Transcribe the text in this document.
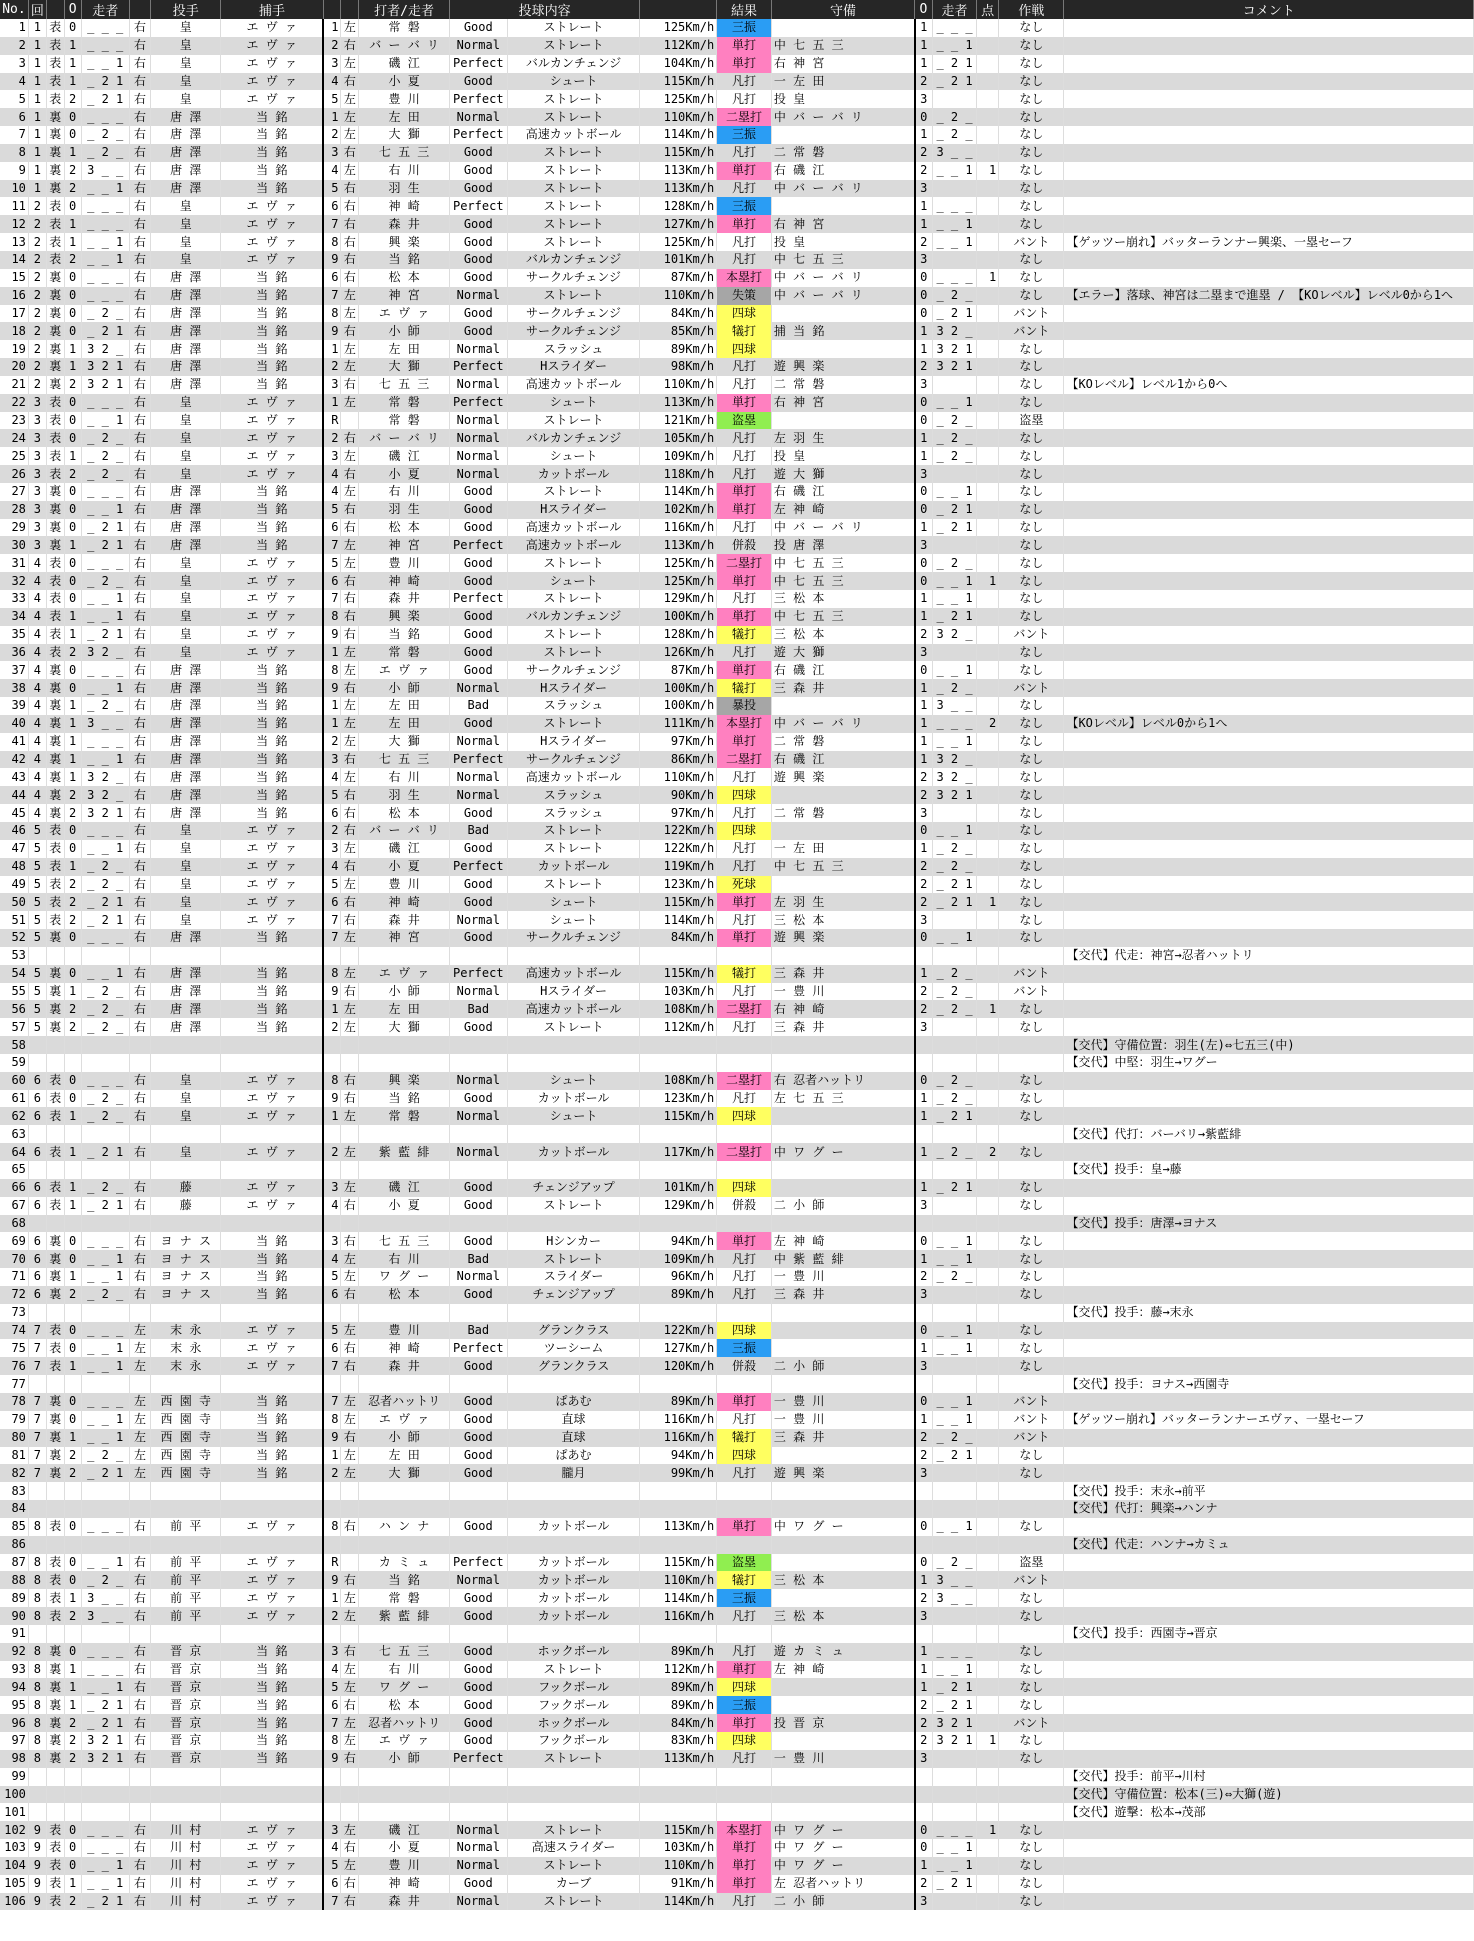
No.	回		O	走者		投手	捕手			打者/走者	投球内容			結果	守備	O	走者	点	作戦	コメント
1	1	表	0	_ _ _	右	皇	エ ヴ ァ	1	左	常 磐	Good	ストレート	125Km/h	三振		1	_ _ _		なし	
2	1	表	1	_ _ _	右	皇	エ ヴ ァ	2	右	バ ー バ リ	Normal	ストレート	112Km/h	単打	中 七 五 三	1	_ _ 1		なし	
3	1	表	1	_ _ 1	右	皇	エ ヴ ァ	3	左	磯 江	Perfect	バルカンチェンジ	104Km/h	単打	右 神 宮	1	_ 2 1		なし	
4	1	表	1	_ 2 1	右	皇	エ ヴ ァ	4	右	小 夏	Good	シュート	115Km/h	凡打	一 左 田	2	_ 2 1		なし	
5	1	表	2	_ 2 1	右	皇	エ ヴ ァ	5	左	豊 川	Perfect	ストレート	125Km/h	凡打	投 皇	3			なし	
6	1	裏	0	_ _ _	右	唐 澤	当 銘	1	左	左 田	Normal	ストレート	110Km/h	二塁打	中 バ ー バ リ	0	_ 2 _		なし	
7	1	裏	0	_ 2 _	右	唐 澤	当 銘	2	左	大 獅	Perfect	高速カットボール	114Km/h	三振		1	_ 2 _		なし	
8	1	裏	1	_ 2 _	右	唐 澤	当 銘	3	右	七 五 三	Good	ストレート	115Km/h	凡打	二 常 磐	2	3 _ _		なし	
9	1	裏	2	3 _ _	右	唐 澤	当 銘	4	左	右 川	Good	ストレート	113Km/h	単打	右 磯 江	2	_ _ 1	1	なし	
10	1	裏	2	_ _ 1	右	唐 澤	当 銘	5	右	羽 生	Good	ストレート	113Km/h	凡打	中 バ ー バ リ	3			なし	
11	2	表	0	_ _ _	右	皇	エ ヴ ァ	6	右	神 崎	Perfect	ストレート	128Km/h	三振		1	_ _ _		なし	
12	2	表	1	_ _ _	右	皇	エ ヴ ァ	7	右	森 井	Good	ストレート	127Km/h	単打	右 神 宮	1	_ _ 1		なし	
13	2	表	1	_ _ 1	右	皇	エ ヴ ァ	8	右	興 楽	Good	ストレート	125Km/h	凡打	投 皇	2	_ _ 1		バント	【ゲッツー崩れ】バッターランナー興楽、一塁セーフ
14	2	表	2	_ _ 1	右	皇	エ ヴ ァ	9	右	当 銘	Good	バルカンチェンジ	101Km/h	凡打	中 七 五 三	3			なし	
15	2	裏	0	_ _ _	右	唐 澤	当 銘	6	右	松 本	Good	サークルチェンジ	87Km/h	本塁打	中 バ ー バ リ	0	_ _ _	1	なし	
16	2	裏	0	_ _ _	右	唐 澤	当 銘	7	左	神 宮	Normal	ストレート	110Km/h	失策	中 バ ー バ リ	0	_ 2 _		なし	【エラー】落球、神宮は二塁まで進塁 / 【KOレベル】レベル0から1へ
17	2	裏	0	_ 2 _	右	唐 澤	当 銘	8	左	エ ヴ ァ	Good	サークルチェンジ	84Km/h	四球		0	_ 2 1		バント	
18	2	裏	0	_ 2 1	右	唐 澤	当 銘	9	右	小 師	Good	サークルチェンジ	85Km/h	犠打	捕 当 銘	1	3 2 _		バント	
19	2	裏	1	3 2 _	右	唐 澤	当 銘	1	左	左 田	Normal	スラッシュ	89Km/h	四球		1	3 2 1		なし	
20	2	裏	1	3 2 1	右	唐 澤	当 銘	2	左	大 獅	Perfect	Hスライダー	98Km/h	凡打	遊 興 楽	2	3 2 1		なし	
21	2	裏	2	3 2 1	右	唐 澤	当 銘	3	右	七 五 三	Normal	高速カットボール	110Km/h	凡打	二 常 磐	3			なし	【KOレベル】レベル1から0へ
22	3	表	0	_ _ _	右	皇	エ ヴ ァ	1	左	常 磐	Perfect	シュート	113Km/h	単打	右 神 宮	0	_ _ 1		なし	
23	3	表	0	_ _ 1	右	皇	エ ヴ ァ	R		常 磐	Normal	ストレート	121Km/h	盗塁		0	_ 2 _		盗塁	
24	3	表	0	_ 2 _	右	皇	エ ヴ ァ	2	右	バ ー バ リ	Normal	バルカンチェンジ	105Km/h	凡打	左 羽 生	1	_ 2 _		なし	
25	3	表	1	_ 2 _	右	皇	エ ヴ ァ	3	左	磯 江	Normal	シュート	109Km/h	凡打	投 皇	1	_ 2 _		なし	
26	3	表	2	_ 2 _	右	皇	エ ヴ ァ	4	右	小 夏	Normal	カットボール	118Km/h	凡打	遊 大 獅	3			なし	
27	3	裏	0	_ _ _	右	唐 澤	当 銘	4	左	右 川	Good	ストレート	114Km/h	単打	右 磯 江	0	_ _ 1		なし	
28	3	裏	0	_ _ 1	右	唐 澤	当 銘	5	右	羽 生	Good	Hスライダー	102Km/h	単打	左 神 崎	0	_ 2 1		なし	
29	3	裏	0	_ 2 1	右	唐 澤	当 銘	6	右	松 本	Good	高速カットボール	116Km/h	凡打	中 バ ー バ リ	1	_ 2 1		なし	
30	3	裏	1	_ 2 1	右	唐 澤	当 銘	7	左	神 宮	Perfect	高速カットボール	113Km/h	併殺	投 唐 澤	3			なし	
31	4	表	0	_ _ _	右	皇	エ ヴ ァ	5	左	豊 川	Good	ストレート	125Km/h	二塁打	中 七 五 三	0	_ 2 _		なし	
32	4	表	0	_ 2 _	右	皇	エ ヴ ァ	6	右	神 崎	Good	シュート	125Km/h	単打	中 七 五 三	0	_ _ 1	1	なし	
33	4	表	0	_ _ 1	右	皇	エ ヴ ァ	7	右	森 井	Perfect	ストレート	129Km/h	凡打	三 松 本	1	_ _ 1		なし	
34	4	表	1	_ _ 1	右	皇	エ ヴ ァ	8	右	興 楽	Good	バルカンチェンジ	100Km/h	単打	中 七 五 三	1	_ 2 1		なし	
35	4	表	1	_ 2 1	右	皇	エ ヴ ァ	9	右	当 銘	Good	ストレート	128Km/h	犠打	三 松 本	2	3 2 _		バント	
36	4	表	2	3 2 _	右	皇	エ ヴ ァ	1	左	常 磐	Good	ストレート	126Km/h	凡打	遊 大 獅	3			なし	
37	4	裏	0	_ _ _	右	唐 澤	当 銘	8	左	エ ヴ ァ	Good	サークルチェンジ	87Km/h	単打	右 磯 江	0	_ _ 1		なし	
38	4	裏	0	_ _ 1	右	唐 澤	当 銘	9	右	小 師	Normal	Hスライダー	100Km/h	犠打	三 森 井	1	_ 2 _		バント	
39	4	裏	1	_ 2 _	右	唐 澤	当 銘	1	左	左 田	Bad	スラッシュ	100Km/h	暴投		1	3 _ _		なし	
40	4	裏	1	3 _ _	右	唐 澤	当 銘	1	左	左 田	Good	ストレート	111Km/h	本塁打	中 バ ー バ リ	1	_ _ _	2	なし	【KOレベル】レベル0から1へ
41	4	裏	1	_ _ _	右	唐 澤	当 銘	2	左	大 獅	Normal	Hスライダー	97Km/h	単打	二 常 磐	1	_ _ 1		なし	
42	4	裏	1	_ _ 1	右	唐 澤	当 銘	3	右	七 五 三	Perfect	サークルチェンジ	86Km/h	二塁打	右 磯 江	1	3 2 _		なし	
43	4	裏	1	3 2 _	右	唐 澤	当 銘	4	左	右 川	Normal	高速カットボール	110Km/h	凡打	遊 興 楽	2	3 2 _		なし	
44	4	裏	2	3 2 _	右	唐 澤	当 銘	5	右	羽 生	Normal	スラッシュ	90Km/h	四球		2	3 2 1		なし	
45	4	裏	2	3 2 1	右	唐 澤	当 銘	6	右	松 本	Good	スラッシュ	97Km/h	凡打	二 常 磐	3			なし	
46	5	表	0	_ _ _	右	皇	エ ヴ ァ	2	右	バ ー バ リ	Bad	ストレート	122Km/h	四球		0	_ _ 1		なし	
47	5	表	0	_ _ 1	右	皇	エ ヴ ァ	3	左	磯 江	Good	ストレート	122Km/h	凡打	一 左 田	1	_ 2 _		なし	
48	5	表	1	_ 2 _	右	皇	エ ヴ ァ	4	右	小 夏	Perfect	カットボール	119Km/h	凡打	中 七 五 三	2	_ 2 _		なし	
49	5	表	2	_ 2 _	右	皇	エ ヴ ァ	5	左	豊 川	Good	ストレート	123Km/h	死球		2	_ 2 1		なし	
50	5	表	2	_ 2 1	右	皇	エ ヴ ァ	6	右	神 崎	Good	シュート	115Km/h	単打	左 羽 生	2	_ 2 1	1	なし	
51	5	表	2	_ 2 1	右	皇	エ ヴ ァ	7	右	森 井	Normal	シュート	114Km/h	凡打	三 松 本	3			なし	
52	5	裏	0	_ _ _	右	唐 澤	当 銘	7	左	神 宮	Good	サークルチェンジ	84Km/h	単打	遊 興 楽	0	_ _ 1		なし	
53																				【交代】代走：神宮→忍者ハットリ
54	5	裏	0	_ _ 1	右	唐 澤	当 銘	8	左	エ ヴ ァ	Perfect	高速カットボール	115Km/h	犠打	三 森 井	1	_ 2 _		バント	
55	5	裏	1	_ 2 _	右	唐 澤	当 銘	9	右	小 師	Normal	Hスライダー	103Km/h	凡打	一 豊 川	2	_ 2 _		バント	
56	5	裏	2	_ 2 _	右	唐 澤	当 銘	1	左	左 田	Bad	高速カットボール	108Km/h	二塁打	右 神 崎	2	_ 2 _	1	なし	
57	5	裏	2	_ 2 _	右	唐 澤	当 銘	2	左	大 獅	Good	ストレート	112Km/h	凡打	三 森 井	3			なし	
58																				【交代】守備位置：羽生(左)⇔七五三(中)
59																				【交代】中堅：羽生→ワグー
60	6	表	0	_ _ _	右	皇	エ ヴ ァ	8	右	興 楽	Normal	シュート	108Km/h	二塁打	右 忍者ハットリ	0	_ 2 _		なし	
61	6	表	0	_ 2 _	右	皇	エ ヴ ァ	9	右	当 銘	Good	カットボール	123Km/h	凡打	左 七 五 三	1	_ 2 _		なし	
62	6	表	1	_ 2 _	右	皇	エ ヴ ァ	1	左	常 磐	Normal	シュート	115Km/h	四球		1	_ 2 1		なし	
63																				【交代】代打：バーバリ→紫藍緋
64	6	表	1	_ 2 1	右	皇	エ ヴ ァ	2	左	紫 藍 緋	Normal	カットボール	117Km/h	二塁打	中 ワ グ ー	1	_ 2 _	2	なし	
65																				【交代】投手：皇→藤
66	6	表	1	_ 2 _	右	藤	エ ヴ ァ	3	左	磯 江	Good	チェンジアップ	101Km/h	四球		1	_ 2 1		なし	
67	6	表	1	_ 2 1	右	藤	エ ヴ ァ	4	右	小 夏	Good	ストレート	129Km/h	併殺	二 小 師	3			なし	
68																				【交代】投手：唐澤→ヨナス
69	6	裏	0	_ _ _	右	ヨ ナ ス	当 銘	3	右	七 五 三	Good	Hシンカー	94Km/h	単打	左 神 崎	0	_ _ 1		なし	
70	6	裏	0	_ _ 1	右	ヨ ナ ス	当 銘	4	左	右 川	Bad	ストレート	109Km/h	凡打	中 紫 藍 緋	1	_ _ 1		なし	
71	6	裏	1	_ _ 1	右	ヨ ナ ス	当 銘	5	左	ワ グ ー	Normal	スライダー	96Km/h	凡打	一 豊 川	2	_ 2 _		なし	
72	6	裏	2	_ 2 _	右	ヨ ナ ス	当 銘	6	右	松 本	Good	チェンジアップ	89Km/h	凡打	三 森 井	3			なし	
73																				【交代】投手：藤→末永
74	7	表	0	_ _ _	左	末 永	エ ヴ ァ	5	左	豊 川	Bad	グランクラス	122Km/h	四球		0	_ _ 1		なし	
75	7	表	0	_ _ 1	左	末 永	エ ヴ ァ	6	右	神 崎	Perfect	ツーシーム	127Km/h	三振		1	_ _ 1		なし	
76	7	表	1	_ _ 1	左	末 永	エ ヴ ァ	7	右	森 井	Good	グランクラス	120Km/h	併殺	二 小 師	3			なし	
77																				【交代】投手：ヨナス→西園寺
78	7	裏	0	_ _ _	左	西 園 寺	当 銘	7	左	忍者ハットリ	Good	ぱあむ	89Km/h	単打	一 豊 川	0	_ _ 1		バント	
79	7	裏	0	_ _ 1	左	西 園 寺	当 銘	8	左	エ ヴ ァ	Good	直球	116Km/h	凡打	一 豊 川	1	_ _ 1		バント	【ゲッツー崩れ】バッターランナーエヴァ、一塁セーフ
80	7	裏	1	_ _ 1	左	西 園 寺	当 銘	9	右	小 師	Good	直球	116Km/h	犠打	三 森 井	2	_ 2 _		バント	
81	7	裏	2	_ 2 _	左	西 園 寺	当 銘	1	左	左 田	Good	ぱあむ	94Km/h	四球		2	_ 2 1		なし	
82	7	裏	2	_ 2 1	左	西 園 寺	当 銘	2	左	大 獅	Good	朧月	99Km/h	凡打	遊 興 楽	3			なし	
83																				【交代】投手：末永→前平
84																				【交代】代打：興楽→ハンナ
85	8	表	0	_ _ _	右	前 平	エ ヴ ァ	8	右	ハ ン ナ	Good	カットボール	113Km/h	単打	中 ワ グ ー	0	_ _ 1		なし	
86																				【交代】代走：ハンナ→カミュ
87	8	表	0	_ _ 1	右	前 平	エ ヴ ァ	R		カ ミ ュ	Perfect	カットボール	115Km/h	盗塁		0	_ 2 _		盗塁	
88	8	表	0	_ 2 _	右	前 平	エ ヴ ァ	9	右	当 銘	Normal	カットボール	110Km/h	犠打	三 松 本	1	3 _ _		バント	
89	8	表	1	3 _ _	右	前 平	エ ヴ ァ	1	左	常 磐	Good	カットボール	114Km/h	三振		2	3 _ _		なし	
90	8	表	2	3 _ _	右	前 平	エ ヴ ァ	2	左	紫 藍 緋	Good	カットボール	116Km/h	凡打	三 松 本	3			なし	
91																				【交代】投手：西園寺→晋京
92	8	裏	0	_ _ _	右	晋 京	当 銘	3	右	七 五 三	Good	ホックボール	89Km/h	凡打	遊 カ ミ ュ	1	_ _ _		なし	
93	8	裏	1	_ _ _	右	晋 京	当 銘	4	左	右 川	Good	ストレート	112Km/h	単打	左 神 崎	1	_ _ 1		なし	
94	8	裏	1	_ _ 1	右	晋 京	当 銘	5	左	ワ グ ー	Good	フックボール	89Km/h	四球		1	_ 2 1		なし	
95	8	裏	1	_ 2 1	右	晋 京	当 銘	6	右	松 本	Good	フックボール	89Km/h	三振		2	_ 2 1		なし	
96	8	裏	2	_ 2 1	右	晋 京	当 銘	7	左	忍者ハットリ	Good	ホックボール	84Km/h	単打	投 晋 京	2	3 2 1		バント	
97	8	裏	2	3 2 1	右	晋 京	当 銘	8	左	エ ヴ ァ	Good	フックボール	83Km/h	四球		2	3 2 1	1	なし	
98	8	裏	2	3 2 1	右	晋 京	当 銘	9	右	小 師	Perfect	ストレート	113Km/h	凡打	一 豊 川	3			なし	
99																				【交代】投手：前平→川村
100																				【交代】守備位置：松本(三)⇔大獅(遊)
101																				【交代】遊撃：松本→茂部
102	9	表	0	_ _ _	右	川 村	エ ヴ ァ	3	左	磯 江	Normal	ストレート	115Km/h	本塁打	中 ワ グ ー	0	_ _ _	1	なし	
103	9	表	0	_ _ _	右	川 村	エ ヴ ァ	4	右	小 夏	Normal	高速スライダー	103Km/h	単打	中 ワ グ ー	0	_ _ 1		なし	
104	9	表	0	_ _ 1	右	川 村	エ ヴ ァ	5	左	豊 川	Normal	ストレート	110Km/h	単打	中 ワ グ ー	1	_ _ 1		なし	
105	9	表	1	_ _ 1	右	川 村	エ ヴ ァ	6	右	神 崎	Good	カーブ	91Km/h	単打	左 忍者ハットリ	2	_ 2 1		なし	
106	9	表	2	_ 2 1	右	川 村	エ ヴ ァ	7	右	森 井	Normal	ストレート	114Km/h	凡打	二 小 師	3			なし	
